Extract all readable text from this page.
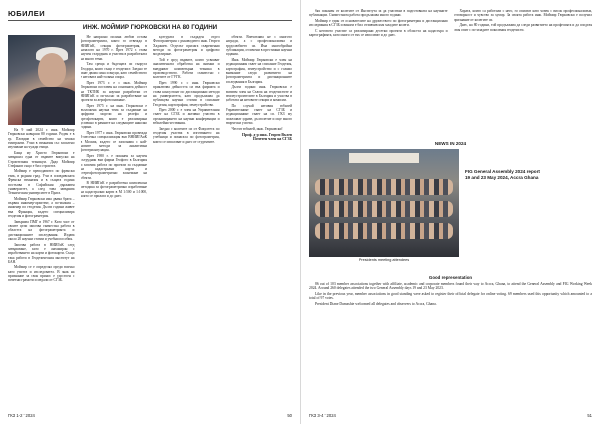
ЮБИЛЕИ
ИНЖ. МОЙМИР ГЮРКОВСКИ НА 80 ГОДИНИ

На 9 май 2024 г. инж. Моймир Гюрковски навърши 80 години. Роден е в гр. Пловдив в семейство на чешки емигранти. Учил в гимназия със засилено изучаване на чужди езици.

Баща му Христо Гюрковски е завършил една от първите випуски на Строителния техникум. Дядо Моймир Стефанов също е бил строител.

Моймир е преподавател по френски език, в родния град. Учи в пловдивската Френска гимназия и в същата година постъпва в Софийския държавен университет, а след това завършва Техническия университет в Прага.

Моймир Гюрковски има двама брата – първия инженер-архитект, а по-малкия – инженер по геодезия. Дълги години живее във Франция, където специализира геодезия и фотограметрия.

Завършва ПМГ в 1967 г. Като част от своите цели започва съвместна работа в областта на фотограметрията и дистанционните изследвания. Издава около 20 научни статии и учебни пособия.

Започва работа в НИИГиК след завършване, като е ангажиран с изработването на карти и фотокарти. Също така работи в Геодезическия институт на БАН.

Моймир се е определял преди всичко като учител и изследовател. В знак на признание за своя принос е удостоен с почетни грамоти и медали от СГЗБ.

Не напразно полина любов остава фотограметрията, която го отвежда в НИИГиК, секция фотограметрия, в началото на 1970 г. През 1972 г. става научен сътрудник и участва в разработката на много теми.

Там среща и бъдещата си съпруга Теодора, която също е геодезист. Заедно те имат двама сина и внуци, като семейството е неговата най-голяма опора.

През 1973 г. е с инж. Моймир Гюрковски поставен на основната дейност на ТКТИК за научни разработки от НИИГиК и по-късно за разработване на проекти за аерофотоснимане.

През 1975 г. на инж. Гюрковски е възложена научна тема за създаване на цифрови модели на релефа и ортофотокарти, която е реализирана успешно в рамките на следващите няколко години.

През 1977 г. инж. Гюрковски провежда 3-месечна специализация във ВНИИГАиК в Москва, където се запознава с най-новите методи за аналитична фототриангулация.

През 1980 г. е поканен за научен сътрудник във фирма Геофото в България и започва работа по проекти за създаване на кадастрални карти и стереофотограметрично заснемане на обекти.

В НИИГиК е разработена комплексна методика за фотограметрично изработване на кадастрални карти в М 1:500 и 1:1000, която се прилага и до днес.

културата в създаден отдел Фотограметрия с ръководител инж. Георги Хаджиев. Отделът прилага съвременни методи за фотограметрия и цифрово моделиране.

Той е сред първите, които усвояват аналитичната обработка на снимки и внедряват компютърна техника в производството. Работи съвместно с колегите от ГУГК.

През 1990 г. с инж. Гюрковски приключва дейността си във фирмата и става консултант по дистанционни методи на университета, като продължава да публикува научни статии в списание Геодезия, картография, земеустройство.

През 2000 г. е член на Управителния съвет на СГЗБ и активно участва в организирането на научни конференции и юбилейни чествания.

Заедно с колегите си от Факултета по геодезия участва в изготвянето на учебници и помагала по фотограметрия, които се използват и днес от студентите.

обекти. Впечатлява не с многото награди, а с професионализма и трудолюбието си. Има многобройни публикации, отличени в престижни научни издания.

Инж. Моймир Гюрковски е член на редакционния съвет на списание Геодезия, картография, земеустройство и с голямо внимание следи развитието на фотограметрията и дистанционните изследвания в България.

Дълги години инж. Гюрковски е активен член на Съюза на геодезистите и землеустроителите в България и участва в работата на неговите секции и комисии.

По случай неговия юбилей Управителният съвет на СГЗБ и редакционният съвет на сп. ГКЗ му пожелават здраве, дълголетие и още много творчески успехи.

Честит юбилей, инж. Гюрковски!

Проф. д-р инж. Георги Вълев
Почетен член на СГЗБ
ГКЗ 1-2 ' 2024	50

бях поканен от колегите от Института за да участвам в подготовката на научните публикации. Съвместната работа продължава много години.

Моймир е един от основателите на дружеството по фотограметрия и дистанционни изследвания в СГЗБ и винаги е бил отзивчив към младите колеги.

С неговото участие са реализирани десетки проекти в областта на кадастъра и картографията, като много от тях се използват и до днес.

Хората, които са работили с него, го описват като човек с висок професионализъм, отговорност и чувство за хумор. За своята работа инж. Моймир Гюрковски е получил признание от колегите си.

Днес, на 80 години, той продължава да следи развитието на професията и да споделя своя опит с по-младите поколения геодезисти.

NEWS IN 2024
Presidents meeting attendees
FIG General Assembly 2024 report
19 and 23 May 2024, Accra Ghana
Good representation

86 out of 103 member associations together with affiliate, academic and corporate members found their way to Accra, Ghana, to attend the General Assembly and FIG Working Week 2024. Around 260 delegates attended the two General Assembly days 19 and 23 May 2023.

Like in the previous year, member associations in good standing were asked to register their official delegate for online voting. 69 members used this opportunity which amounted to a total of 97 votes.

President Diane Dumashie welcomed all delegates and observers to Accra, Ghana.

ГКЗ 3-4 ' 2024	51
